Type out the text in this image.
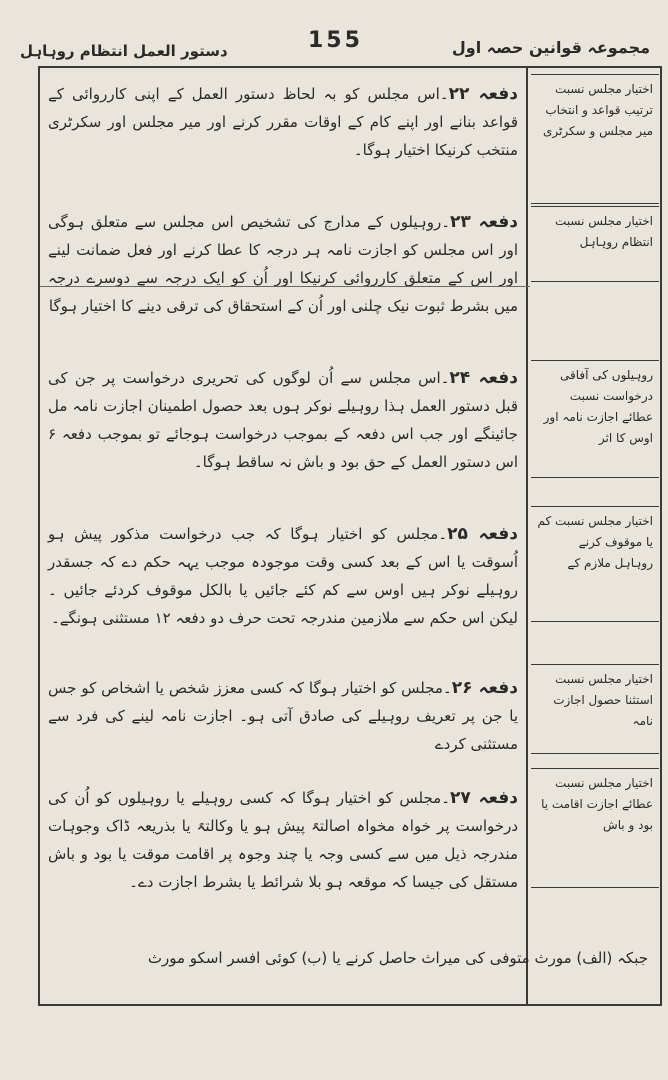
دستور العمل انتظام روہاہل	155	مجموعہ قوانین حصہ اول
دفعہ ۲۲۔اس مجلس کو بہ لحاظ دستور العمل کے اپنی کارروائی کے قواعد بنانے اور اپنے کام کے اوقات مقرر کرنے اور میر مجلس اور سکرٹری منتخب کرنیکا اختیار ہوگا۔
اختیار مجلس نسبت ترتیب قواعد و انتخاب میر مجلس و سکرٹری
دفعہ ۲۳۔روہیلوں کے مدارج کی تشخیص اس مجلس سے متعلق ہوگی اور اس مجلس کو اجازت نامہ ہر درجہ کا عطا کرنے اور فعل ضمانت لینے اور اس کے متعلق کارروائی کرنیکا اور اُن کو ایک درجہ سے دوسرے درجہ میں بشرط ثبوت نیک چلنی اور اُن کے استحقاق کی ترقی دینے کا اختیار ہوگا
اختیار مجلس نسبت انتظام روہاہل
دفعہ ۲۴۔اس مجلس سے اُن لوگوں کی تحریری درخواست پر جن کی قبل دستور العمل ہذا روہیلے نوکر ہوں بعد حصول اطمینان اجازت نامہ مل جائینگے اور جب اس دفعہ کے بموجب درخواست ہوجائے تو بموجب دفعہ ۶ اس دستور العمل کے حق بود و باش نہ ساقط ہوگا۔
روہیلوں کی آفاقی درخواست نسبت عطائے اجازت نامہ اور اوس کا اثر
دفعہ ۲۵۔مجلس کو اختیار ہوگا کہ جب درخواست مذکور پیش ہو اُسوقت یا اس کے بعد کسی وقت موجودہ موجب یہہ حکم دے کہ جسقدر روہیلے نوکر ہیں اوس سے کم کئے جائیں یا بالکل موقوف کردئے جائیں ۔ لیکن اس حکم سے ملازمین مندرجہ تحت حرف دو دفعہ ۱۲ مستثنی ہونگے۔
اختیار مجلس نسبت کم یا موقوف کرنے روہاہل ملازم کے
دفعہ ۲۶۔مجلس کو اختیار ہوگا کہ کسی معزز شخص یا اشخاص کو جس یا جن پر تعریف روہیلے کی صادق آتی ہو۔ اجازت نامہ لینے کی فرد سے مستثنی کردے
اختیار مجلس نسبت استثنا حصول اجازت نامہ
دفعہ ۲۷۔مجلس کو اختیار ہوگا کہ کسی روہیلے یا روہیلوں کو اُن کی درخواست پر خواہ مخواہ اصالتہً پیش ہو یا وکالتہً یا بذریعہ ڈاک وجوہات مندرجہ ذیل میں سے کسی وجہ یا چند وجوہ پر اقامت موقت یا بود و باش مستقل کی جیسا کہ موقعہ ہو بلا شرائط یا بشرط اجازت دے۔
اختیار مجلس نسبت عطائے اجازت اقامت یا بود و باش
جبکہ (الف) مورث متوفی کی میراث حاصل کرنے یا (ب) کوئی افسر اسکو مورث
